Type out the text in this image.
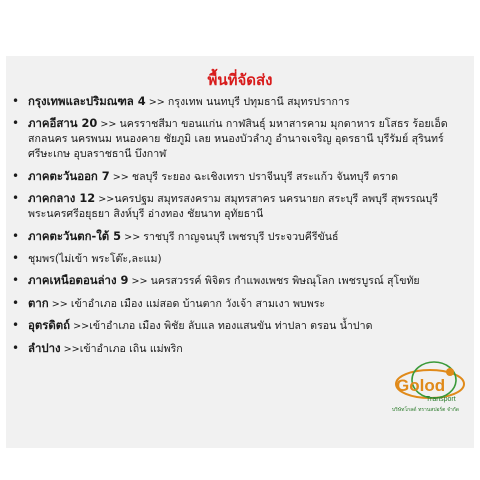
พื้นที่จัดส่ง
• กรุงเทพและปริมณฑล 4 >> กรุงเทพ นนทบุรี ปทุมธานี สมุทรปราการ
• ภาคอีสาน 20 >> นครราชสีมา ขอนแก่น กาฬสินธุ์ มหาสารคาม มุกดาหาร ยโสธร ร้อยเอ็ด สกลนคร นครพนม หนองคาย ชัยภูมิ เลย หนองบัวลำภู อำนาจเจริญ อุดรธานี บุรีรัมย์ สุรินทร์ ศรีษะเกษ อุบลราชธานี บึงกาฬ
• ภาคตะวันออก 7 >> ชลบุรี ระยอง ฉะเชิงเทรา ปราจีนบุรี สระแก้ว จันทบุรี ตราด
• ภาคกลาง 12 >>นครปฐม สมุทรสงคราม สมุทรสาคร นครนายก สระบุรี ลพบุรี สุพรรณบุรี พระนครศรีอยุธยา สิงห์บุรี อ่างทอง ชัยนาท อุทัยธานี
• ภาคตะวันตก-ใต้ 5 >> ราชบุรี กาญจนบุรี เพชรบุรี ประจวบคีรีขันธ์
• ชุมพร(ไม่เข้า พระโต๊ะ,ละแม)
• ภาคเหนือตอนล่าง 9 >> นครสวรรค์ พิจิตร กำแพงเพชร พิษณุโลก เพชรบูรณ์ สุโขทัย
• ตาก >> เข้าอำเภอ เมือง แม่สอด บ้านตาก วังเจ้า สามเงา พบพระ
• อุตรดิตถ์ >>เข้าอำเภอ เมือง พิชัย ลับแล ทองแสนขัน ท่าปลา ตรอน น้ำปาด
• ลำปาง >>เข้าอำเภอ เถิน แม่พริก
Golod
Transport
บริษัทโกลด์ ทรานสปอร์ต จำกัด
